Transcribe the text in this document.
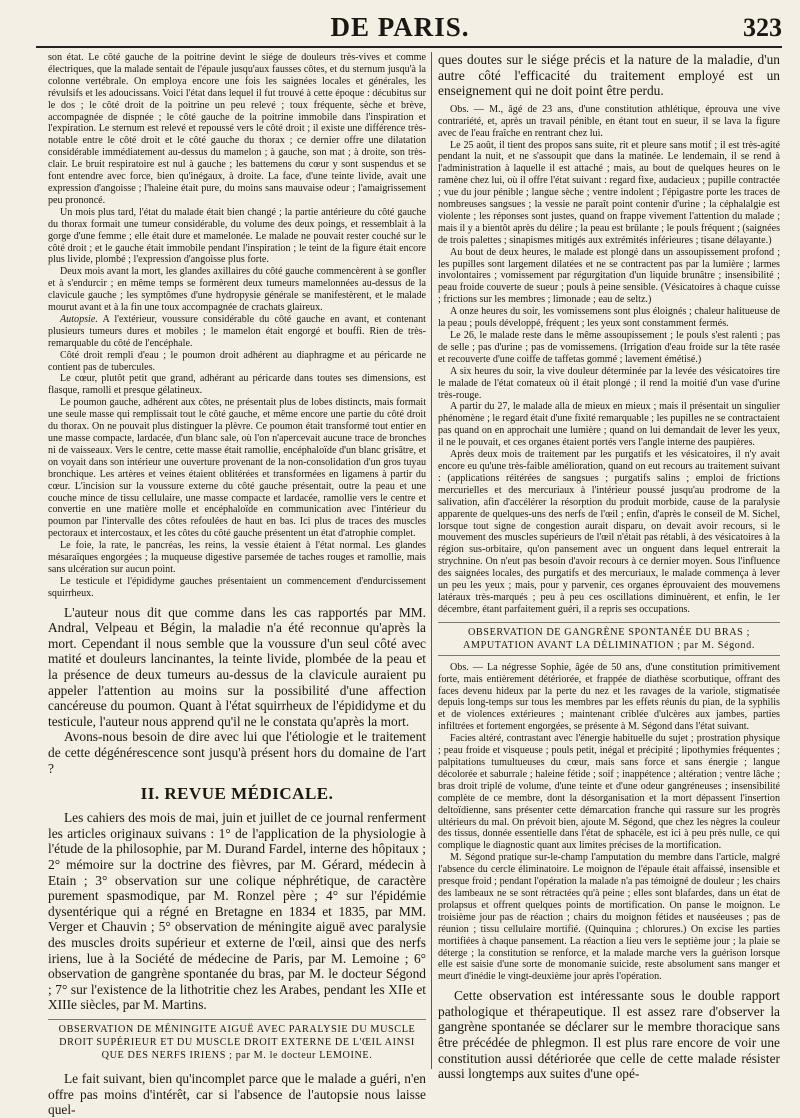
DE PARIS.	323

son état. Le côté gauche de la poitrine devint le siége de douleurs très-vives et comme électriques, que la malade sentait de l'épaule jusqu'aux fausses côtes, et du sternum jusqu'à la colonne vertébrale. On employa encore une fois les saignées locales et générales, les révulsifs et les adoucissans. Voici l'état dans lequel il fut trouvé à cette époque : décubitus sur le dos ; le côté droit de la poitrine un peu relevé ; toux fréquente, sèche et brève, accompagnée de dispnée ; le côté gauche de la poitrine immobile dans l'inspiration et l'expiration. Le sternum est relevé et repoussé vers le côté droit ; il existe une différence très-notable entre le côté droit et le côté gauche du thorax ; ce dernier offre une dilatation considérable immédiatement au-dessus du mamelon ; à gauche, son mat ; à droite, son très-clair. Le bruit respiratoire est nul à gauche ; les battemens du cœur y sont suspendus et se font entendre avec force, bien qu'inégaux, à droite. La face, d'une teinte livide, avait une expression d'angoisse ; l'haleine était pure, du moins sans mauvaise odeur ; l'amaigrissement peu prononcé.

Un mois plus tard, l'état du malade était bien changé ; la partie antérieure du côté gauche du thorax formait une tumeur considérable, du volume des deux poings, et ressemblait à la gorge d'une femme ; elle était dure et mamelonée. Le malade ne pouvait rester couché sur le côté droit ; et le gauche était immobile pendant l'inspiration ; le teint de la figure était encore plus livide, plombé ; l'expression d'angoisse plus forte.

Deux mois avant la mort, les glandes axillaires du côté gauche commencèrent à se gonfler et à s'endurcir ; en même temps se formèrent deux tumeurs mamelonnées au-dessus de la clavicule gauche ; les symptômes d'une hydropysie générale se manifestèrent, et le malade mourut avant et à la fin une toux accompagnée de crachats glaireux.

Autopsie. A l'extérieur, voussure considérable du côté gauche en avant, et contenant plusieurs tumeurs dures et mobiles ; le mamelon était engorgé et bouffi. Rien de très-remarquable du côté de l'encéphale.

Côté droit rempli d'eau ; le poumon droit adhérent au diaphragme et au péricarde ne contient pas de tubercules.

Le cœur, plutôt petit que grand, adhérant au péricarde dans toutes ses dimensions, est flasque, ramolli et presque gélatineux.

Le poumon gauche, adhérent aux côtes, ne présentait plus de lobes distincts, mais formait une seule masse qui remplissait tout le côté gauche, et même encore une partie du côté droit du thorax. On ne pouvait plus distinguer la plèvre. Ce poumon était transformé tout entier en une masse compacte, lardacée, d'un blanc sale, où l'on n'apercevait aucune trace de bronches ni de vaisseaux. Vers le centre, cette masse était ramollie, encéphaloïde d'un blanc grisâtre, et on voyait dans son intérieur une ouverture provenant de la non-consolidation d'un gros tuyau bronchique. Les artères et veines étaient oblitérées et transformées en ligamens à partir du cœur. L'incision sur la voussure externe du côté gauche présentait, outre la peau et une couche mince de tissu cellulaire, une masse compacte et lardacée, ramollie vers le centre et convertie en une matière molle et encéphaloïde en communication avec l'intérieur du poumon par l'intervalle des côtes refoulées de haut en bas. Ici plus de traces des muscles pectoraux et intercostaux, et les côtes du côté gauche présentent un état d'atrophie complet.

Le foie, la rate, le pancréas, les reins, la vessie étaient à l'état normal. Les glandes mésaraïques engorgées ; la muqueuse digestive parsemée de taches rouges et ramollie, mais sans ulcération sur aucun point.

Le testicule et l'épididyme gauches présentaient un commencement d'endurcissement squirrheux.

L'auteur nous dit que comme dans les cas rapportés par MM. Andral, Velpeau et Bégin, la maladie n'a été reconnue qu'après la mort. Cependant il nous semble que la voussure d'un seul côté avec matité et douleurs lancinantes, la teinte livide, plombée de la peau et la présence de deux tumeurs au-dessus de la clavicule auraient pu appeler l'attention au moins sur la possibilité d'une affection cancéreuse du poumon. Quant à l'état squirrheux de l'épididyme et du testicule, l'auteur nous apprend qu'il ne le constata qu'après la mort.

Avons-nous besoin de dire avec lui que l'étiologie et le traitement de cette dégénérescence sont jusqu'à présent hors du domaine de l'art ?

II. REVUE MÉDICALE.

Les cahiers des mois de mai, juin et juillet de ce journal renferment les articles originaux suivans : 1° de l'application de la physiologie à l'étude de la philosophie, par M. Durand Fardel, interne des hôpitaux ; 2° mémoire sur la doctrine des fièvres, par M. Gérard, médecin à Etain ; 3° observation sur une colique néphrétique, de caractère purement spasmodique, par M. Ronzel père ; 4° sur l'épidémie dysentérique qui a régné en Bretagne en 1834 et 1835, par MM. Verger et Chauvin ; 5° observation de méningite aiguë avec paralysie des muscles droits supérieur et externe de l'œil, ainsi que des nerfs iriens, lue à la Société de médecine de Paris, par M. Lemoine ; 6° observation de gangrène spontanée du bras, par M. le docteur Ségond ; 7° sur l'existence de la lithotritie chez les Arabes, pendant les XIIe et XIIIe siècles, par M. Martins.

OBSERVATION DE MÉNINGITE AIGUË AVEC PARALYSIE DU MUSCLE DROIT SUPÉRIEUR ET DU MUSCLE DROIT EXTERNE DE L'ŒIL AINSI QUE DES NERFS IRIENS ; par M. le docteur LEMOINE.

Le fait suivant, bien qu'incomplet parce que le malade a guéri, n'en offre pas moins d'intérêt, car si l'absence de l'autopsie nous laisse quel-

ques doutes sur le siége précis et la nature de la maladie, d'un autre côté l'efficacité du traitement employé est un enseignement qui ne doit point être perdu.

Obs. — M., âgé de 23 ans, d'une constitution athlétique, éprouva une vive contrariété, et, après un travail pénible, en étant tout en sueur, il se lava la figure avec de l'eau fraîche en rentrant chez lui.

Le 25 août, il tient des propos sans suite, rit et pleure sans motif ; il est très-agité pendant la nuit, et ne s'assoupit que dans la matinée. Le lendemain, il se rend à l'administration à laquelle il est attaché ; mais, au bout de quelques heures on le ramène chez lui, où il offre l'état suivant : regard fixe, audacieux ; pupille contractée ; vue du jour pénible ; langue sèche ; ventre indolent ; l'épigastre porte les traces de nombreuses sangsues ; la vessie ne paraît point contenir d'urine ; la céphalalgie est violente ; les réponses sont justes, quand on frappe vivement l'attention du malade ; mais il y a bientôt après du délire ; la peau est brûlante ; le pouls fréquent ; (saignées de trois palettes ; sinapismes mitigés aux extrémités inférieures ; tisane délayante.)

Au bout de deux heures, le malade est plongé dans un assoupissement profond ; les pupilles sont largement dilatées et ne se contractent pas par la lumière ; larmes involontaires ; vomissement par régurgitation d'un liquide brunâtre ; insensibilité ; peau froide couverte de sueur ; pouls à peine sensible. (Vésicatoires à chaque cuisse ; frictions sur les membres ; limonade ; eau de seltz.)

A onze heures du soir, les vomissemens sont plus éloignés ; chaleur halitueuse de la peau ; pouls développé, fréquent ; les yeux sont constamment fermés.

Le 26, le malade reste dans le même assoupissement ; le pouls s'est ralenti ; pas de selle ; pas d'urine ; pas de vomissemens. (Irrigation d'eau froide sur la tête rasée et recouverte d'une coiffe de taffetas gommé ; lavement émétisé.)

A six heures du soir, la vive douleur déterminée par la levée des vésicatoires tire le malade de l'état comateux où il était plongé ; il rend la moitié d'un vase d'urine très-rouge.

A partir du 27, le malade alla de mieux en mieux ; mais il présentait un singulier phénomène ; le regard était d'une fixité remarquable ; les pupilles ne se contractaient pas quand on en approchait une lumière ; quand on lui demandait de lever les yeux, il ne le pouvait, et ces organes étaient portés vers l'angle interne des paupières.

Après deux mois de traitement par les purgatifs et les vésicatoires, il n'y avait encore eu qu'une très-faible amélioration, quand on eut recours au traitement suivant : (applications réitérées de sangsues ; purgatifs salins ; emploi de frictions mercurielles et des mercuriaux à l'intérieur poussé jusqu'au prodrome de la salivation, afin d'accélérer la résorption du produit morbide, cause de la paralysie apparente de quelques-uns des nerfs de l'œil ; enfin, d'après le conseil de M. Sichel, lorsque tout signe de congestion aurait disparu, on devait avoir recours, si le mouvement des muscles supérieurs de l'œil n'était pas rétabli, à des vésicatoires à la région sus-orbitaire, qu'on pansement avec un onguent dans lequel entrerait la strychnine. On n'eut pas besoin d'avoir recours à ce dernier moyen. Sous l'influence des saignées locales, des purgatifs et des mercuriaux, le malade commença à lever un peu les yeux ; mais, pour y parvenir, ces organes éprouvaient des mouvemens latéraux très-marqués ; peu à peu ces oscillations diminuèrent, et enfin, le 1er décembre, étant parfaitement guéri, il a repris ses occupations.

OBSERVATION DE GANGRÈNE SPONTANÉE DU BRAS ; AMPUTATION AVANT LA DÉLIMINATION ; par M. Ségond.

Obs. — La négresse Sophie, âgée de 50 ans, d'une constitution primitivement forte, mais entièrement détériorée, et frappée de diathèse scorbutique, offrant des faces devenu hideux par la perte du nez et les ravages de la variole, stigmatisée depuis long-temps sur tous les membres par les effets réunis du pian, de la syphilis et de violences extérieures ; maintenant criblée d'ulcères aux jambes, parties infiltrées et fortement engorgées, se présente à M. Ségond dans l'état suivant.

Facies altéré, contrastant avec l'énergie habituelle du sujet ; prostration physique ; peau froide et visqueuse ; pouls petit, inégal et précipité ; lipothymies fréquentes ; palpitations tumultueuses du cœur, mais sans force et sans énergie ; langue décolorée et saburrale ; haleine fétide ; soif ; inappétence ; altération ; ventre lâche ; bras droit triplé de volume, d'une teinte et d'une odeur gangréneuses ; insensibilité complète de ce membre, dont la désorganisation et la mort dépassent l'insertion deltoïdienne, sans présenter cette démarcation franche qui rassure sur les progrès ultérieurs du mal. On prévoit bien, ajoute M. Ségond, que chez les nègres la couleur des tissus, donnée essentielle dans l'état de sphacèle, est ici à peu près nulle, ce qui complique le diagnostic quant aux limites précises de la mortification.

M. Ségond pratique sur-le-champ l'amputation du membre dans l'article, malgré l'absence du cercle éliminatoire. Le moignon de l'épaule était affaissé, insensible et presque froid ; pendant l'opération la malade n'a pas témoigné de douleur ; les chairs des lambeaux ne se sont rétractées qu'à peine ; elles sont blafardes, dans un état de prolapsus et offrent quelques points de mortification. On panse le moignon. Le troisième jour pas de réaction ; chairs du moignon fétides et nauséeuses ; pas de réunion ; tissu cellulaire mortifié. (Quinquina ; chlorures.) On excise les parties mortifiées à chaque pansement. La réaction a lieu vers le septième jour ; la plaie se déterge ; la constitution se renforce, et la malade marche vers la guérison lorsque elle est saisie d'une sorte de monomanie suicide, reste absolument sans manger et meurt d'inédie le vingt-deuxième jour après l'opération.

Cette observation est intéressante sous le double rapport pathologique et thérapeutique. Il est assez rare d'observer la gangrène spontanée se déclarer sur le membre thoracique sans être précédée de phlegmon. Il est plus rare encore de voir une constitution aussi détériorée que celle de cette malade résister aussi longtemps aux suites d'une opé-
